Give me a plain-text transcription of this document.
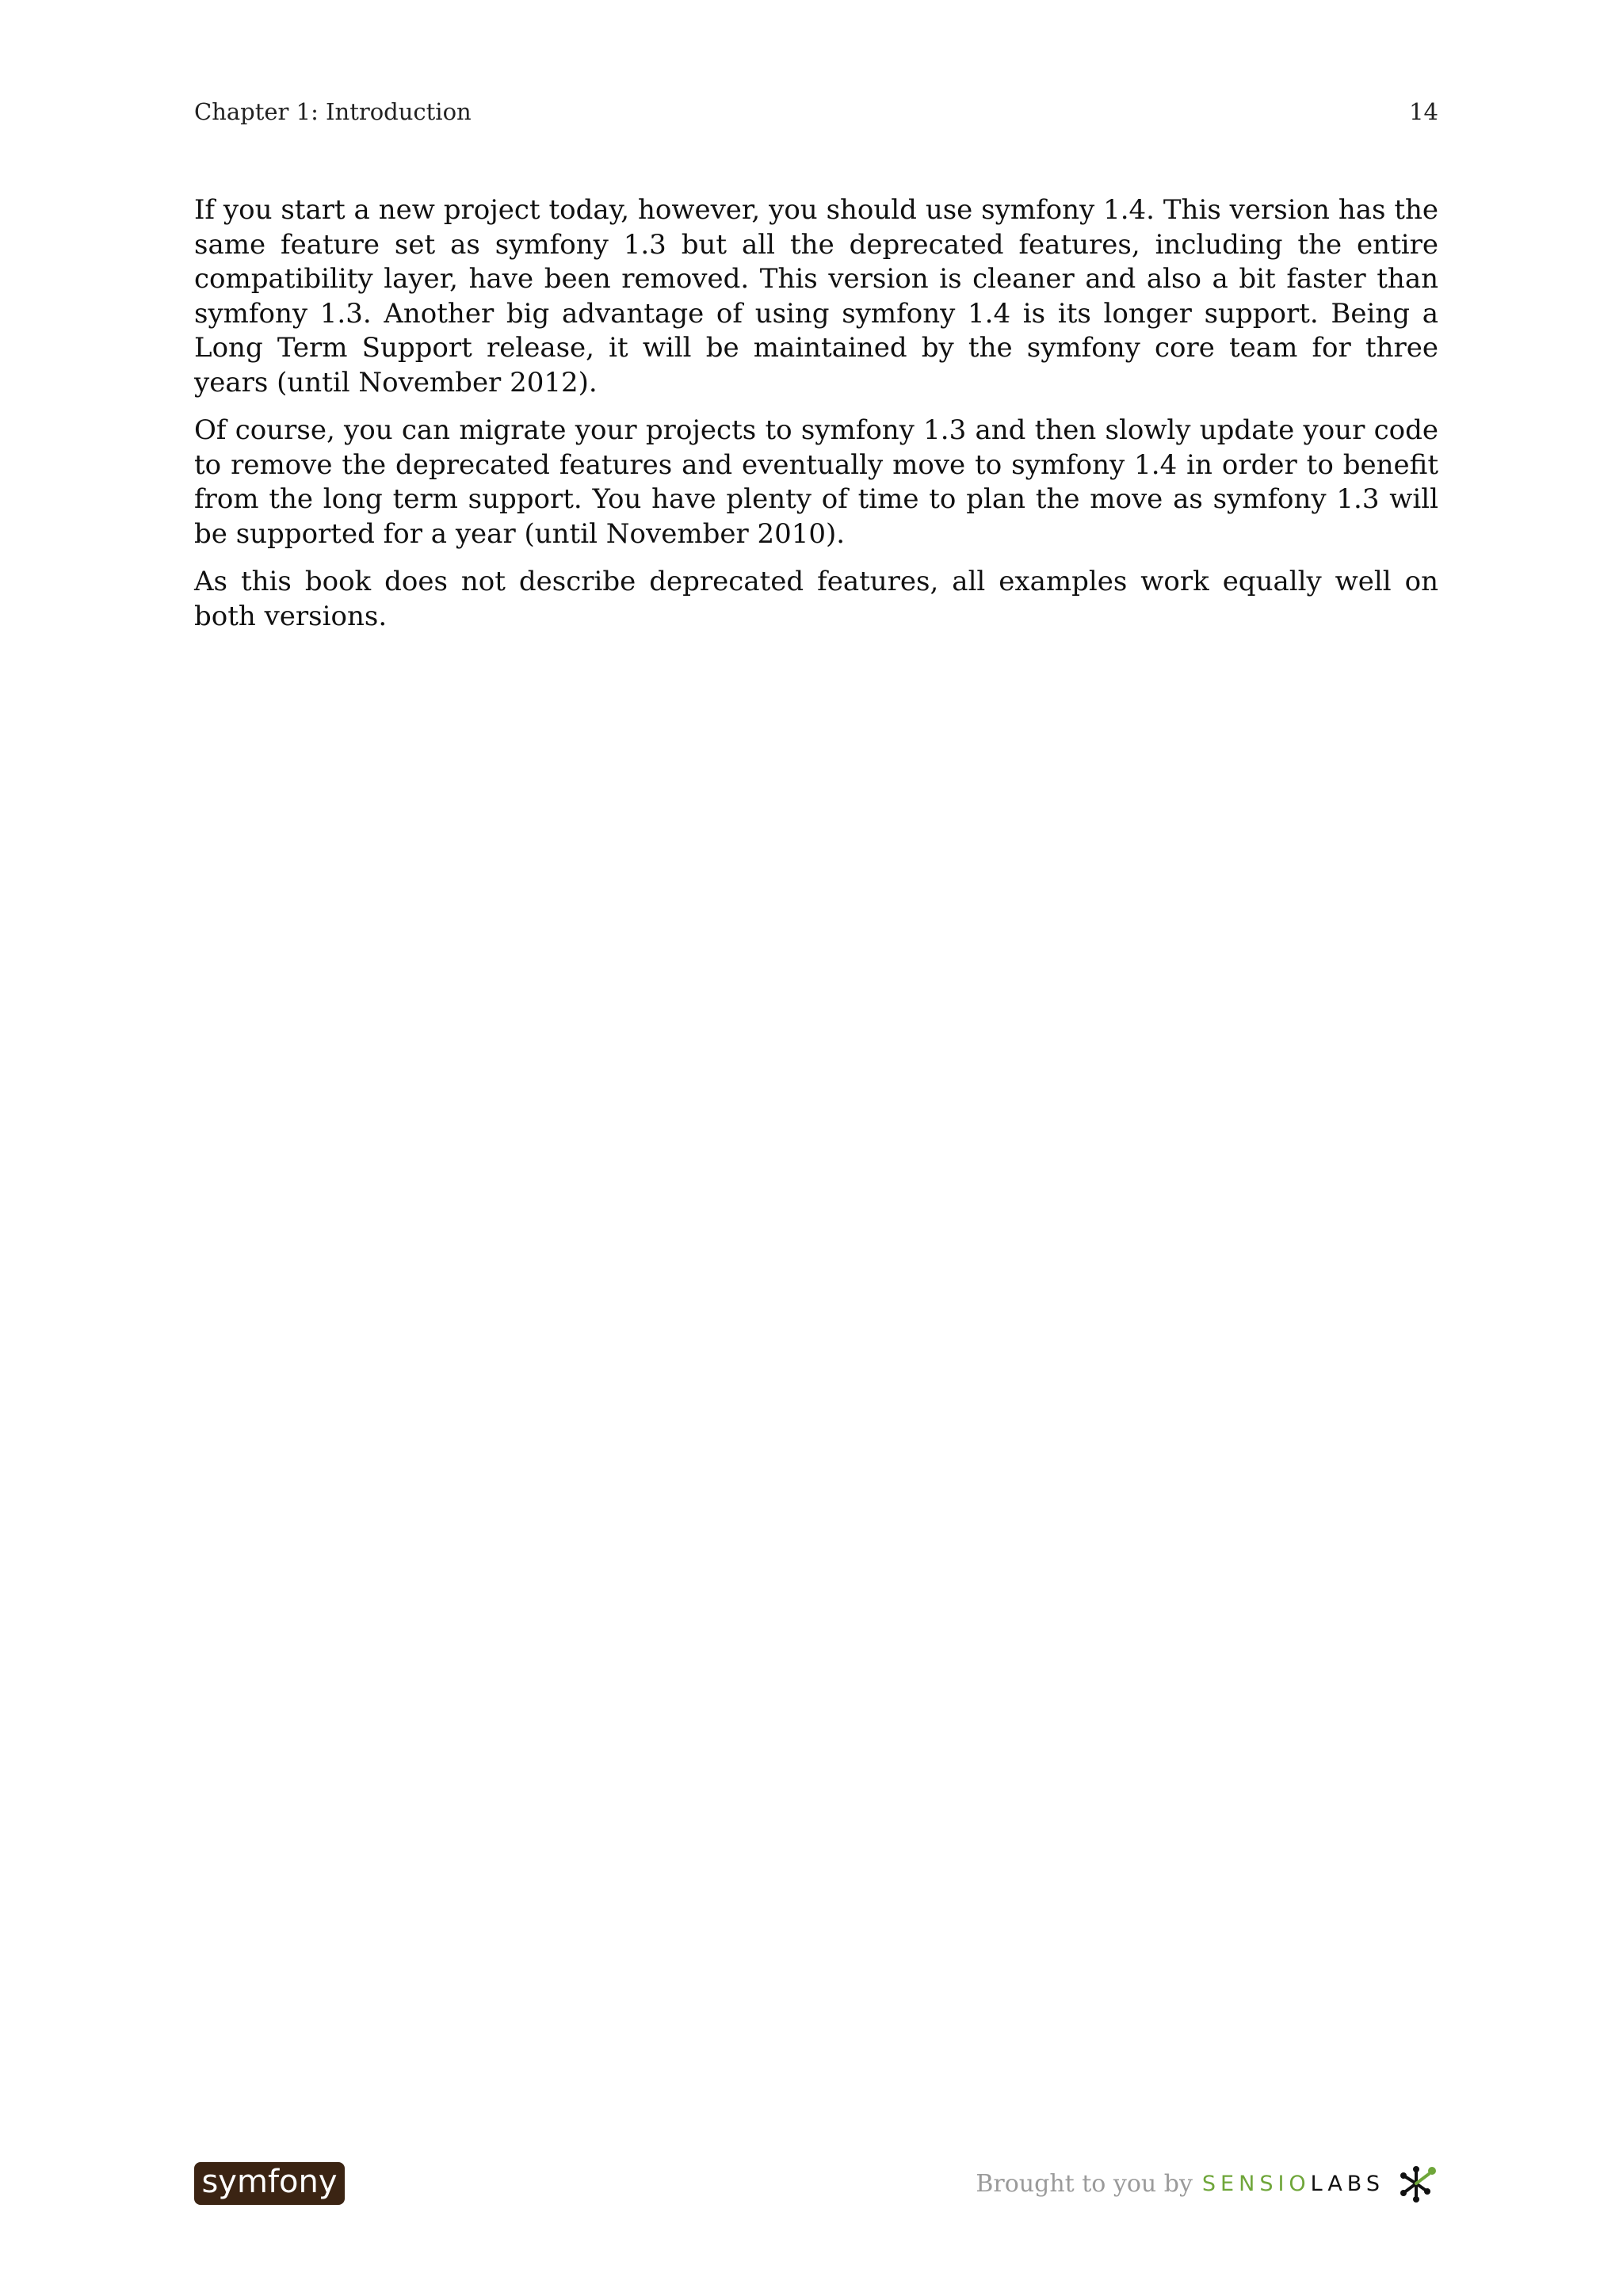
Chapter 1: Introduction	14

If you start a new project today, however, you should use symfony 1.4. This version has the same feature set as symfony 1.3 but all the deprecated features, including the entire compatibility layer, have been removed. This version is cleaner and also a bit faster than symfony 1.3. Another big advantage of using symfony 1.4 is its longer support. Being a Long Term Support release, it will be maintained by the symfony core team for three years (until November 2012).

Of course, you can migrate your projects to symfony 1.3 and then slowly update your code to remove the deprecated features and eventually move to symfony 1.4 in order to benefit from the long term support. You have plenty of time to plan the move as symfony 1.3 will be supported for a year (until November 2010).

As this book does not describe deprecated features, all examples work equally well on both versions.

symfony	Brought to you by SENSIO LABS
